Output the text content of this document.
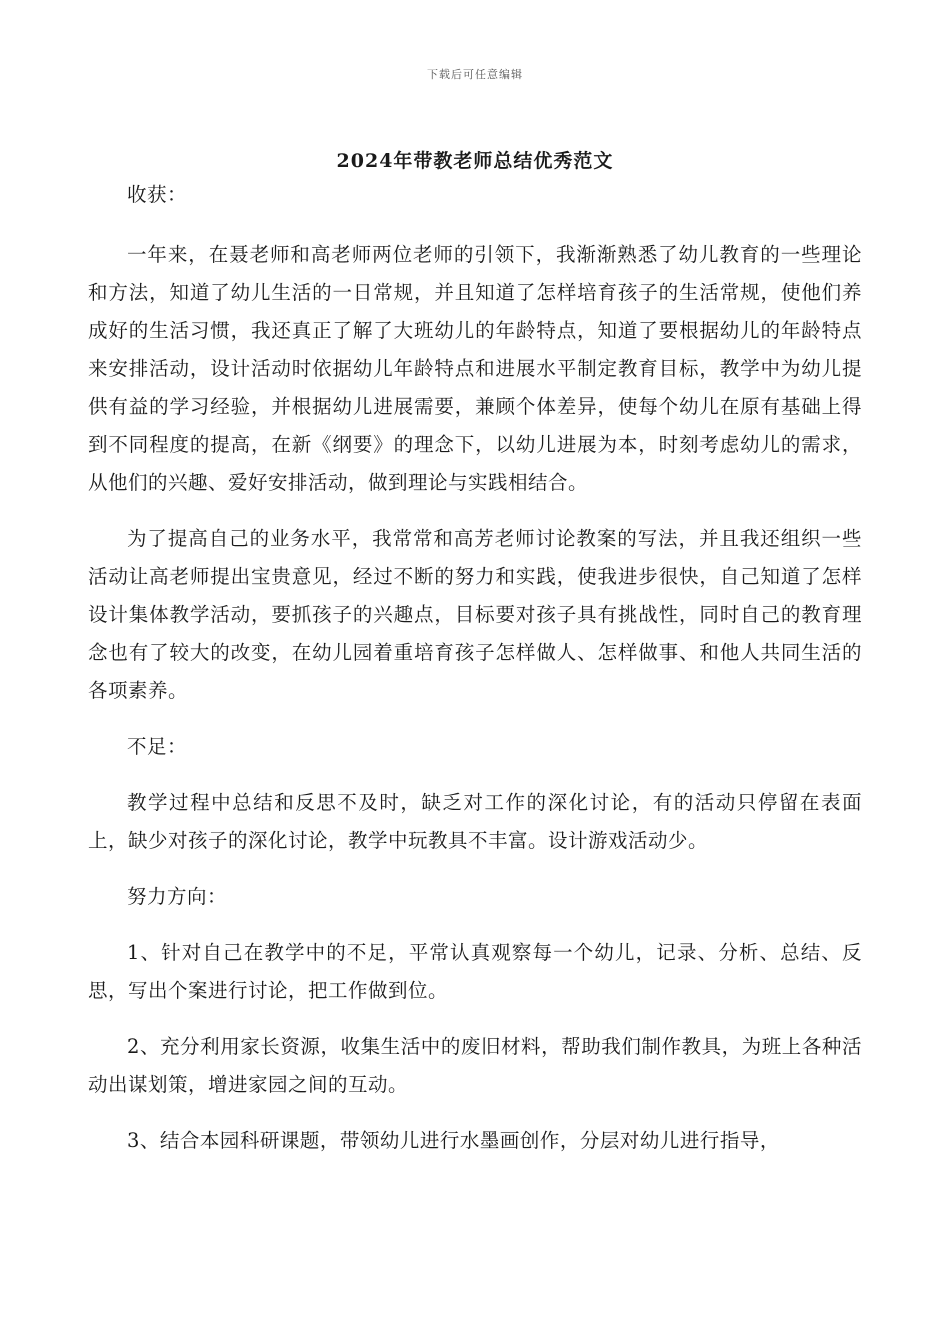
下载后可任意编辑
2024年带教老师总结优秀范文

收获：

一年来，在聂老师和高老师两位老师的引领下，我渐渐熟悉了幼儿教育的一些理论和方法，知道了幼儿生活的一日常规，并且知道了怎样培育孩子的生活常规，使他们养成好的生活习惯，我还真正了解了大班幼儿的年龄特点，知道了要根据幼儿的年龄特点来安排活动，设计活动时依据幼儿年龄特点和进展水平制定教育目标，教学中为幼儿提供有益的学习经验，并根据幼儿进展需要，兼顾个体差异，使每个幼儿在原有基础上得到不同程度的提高，在新《纲要》的理念下，以幼儿进展为本，时刻考虑幼儿的需求，从他们的兴趣、爱好安排活动，做到理论与实践相结合。

为了提高自己的业务水平，我常常和高芳老师讨论教案的写法，并且我还组织一些活动让高老师提出宝贵意见，经过不断的努力和实践，使我进步很快，自己知道了怎样设计集体教学活动，要抓孩子的兴趣点，目标要对孩子具有挑战性，同时自己的教育理念也有了较大的改变，在幼儿园着重培育孩子怎样做人、怎样做事、和他人共同生活的各项素养。

不足：

教学过程中总结和反思不及时，缺乏对工作的深化讨论，有的活动只停留在表面上，缺少对孩子的深化讨论，教学中玩教具不丰富。设计游戏活动少。

努力方向：

1、针对自己在教学中的不足，平常认真观察每一个幼儿，记录、分析、总结、反思，写出个案进行讨论，把工作做到位。

2、充分利用家长资源，收集生活中的废旧材料，帮助我们制作教具，为班上各种活动出谋划策，增进家园之间的互动。

3、结合本园科研课题，带领幼儿进行水墨画创作，分层对幼儿进行指导，
